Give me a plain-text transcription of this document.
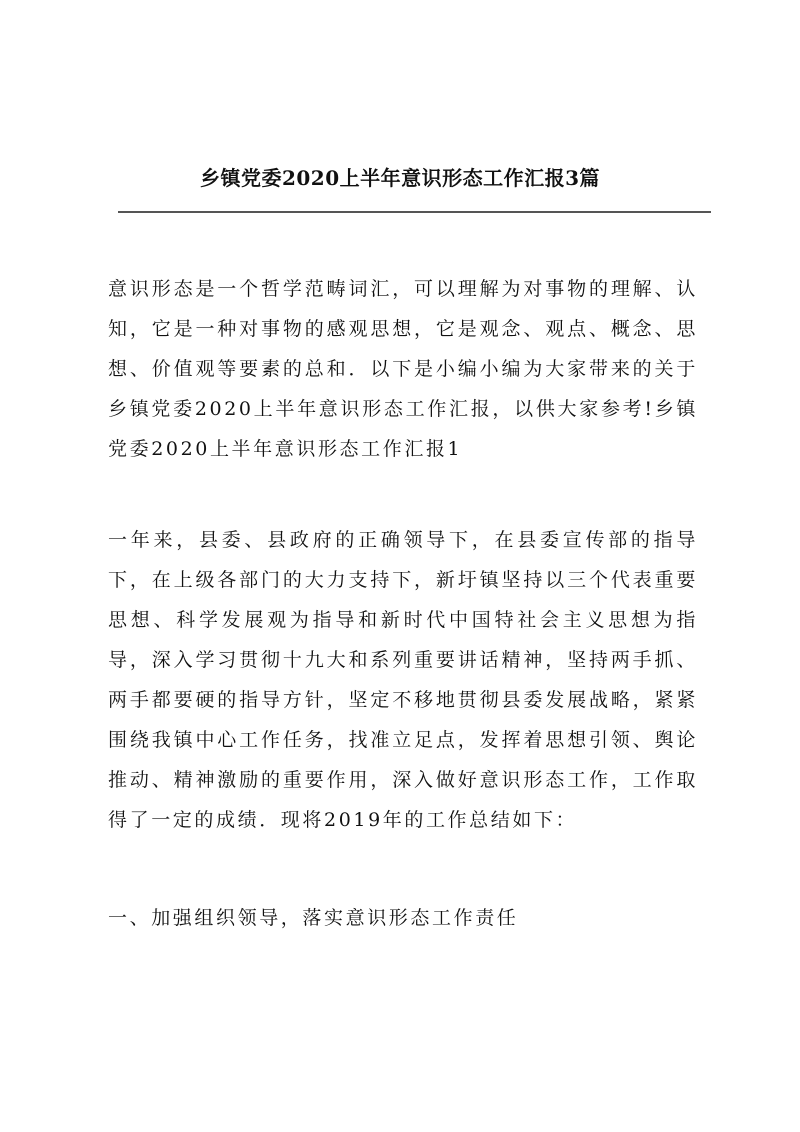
乡镇党委2020上半年意识形态工作汇报3篇

意识形态是一个哲学范畴词汇，可以理解为对事物的理解、认知，它是一种对事物的感观思想，它是观念、观点、概念、思想、价值观等要素的总和．以下是小编小编为大家带来的关于乡镇党委2020上半年意识形态工作汇报，以供大家参考!乡镇党委2020上半年意识形态工作汇报1

一年来，县委、县政府的正确领导下，在县委宣传部的指导下，在上级各部门的大力支持下，新圩镇坚持以三个代表重要思想、科学发展观为指导和新时代中国特社会主义思想为指导，深入学习贯彻十九大和系列重要讲话精神，坚持两手抓、两手都要硬的指导方针，坚定不移地贯彻县委发展战略，紧紧围绕我镇中心工作任务，找准立足点，发挥着思想引领、舆论推动、精神激励的重要作用，深入做好意识形态工作，工作取得了一定的成绩．现将2019年的工作总结如下：

一、加强组织领导，落实意识形态工作责任
